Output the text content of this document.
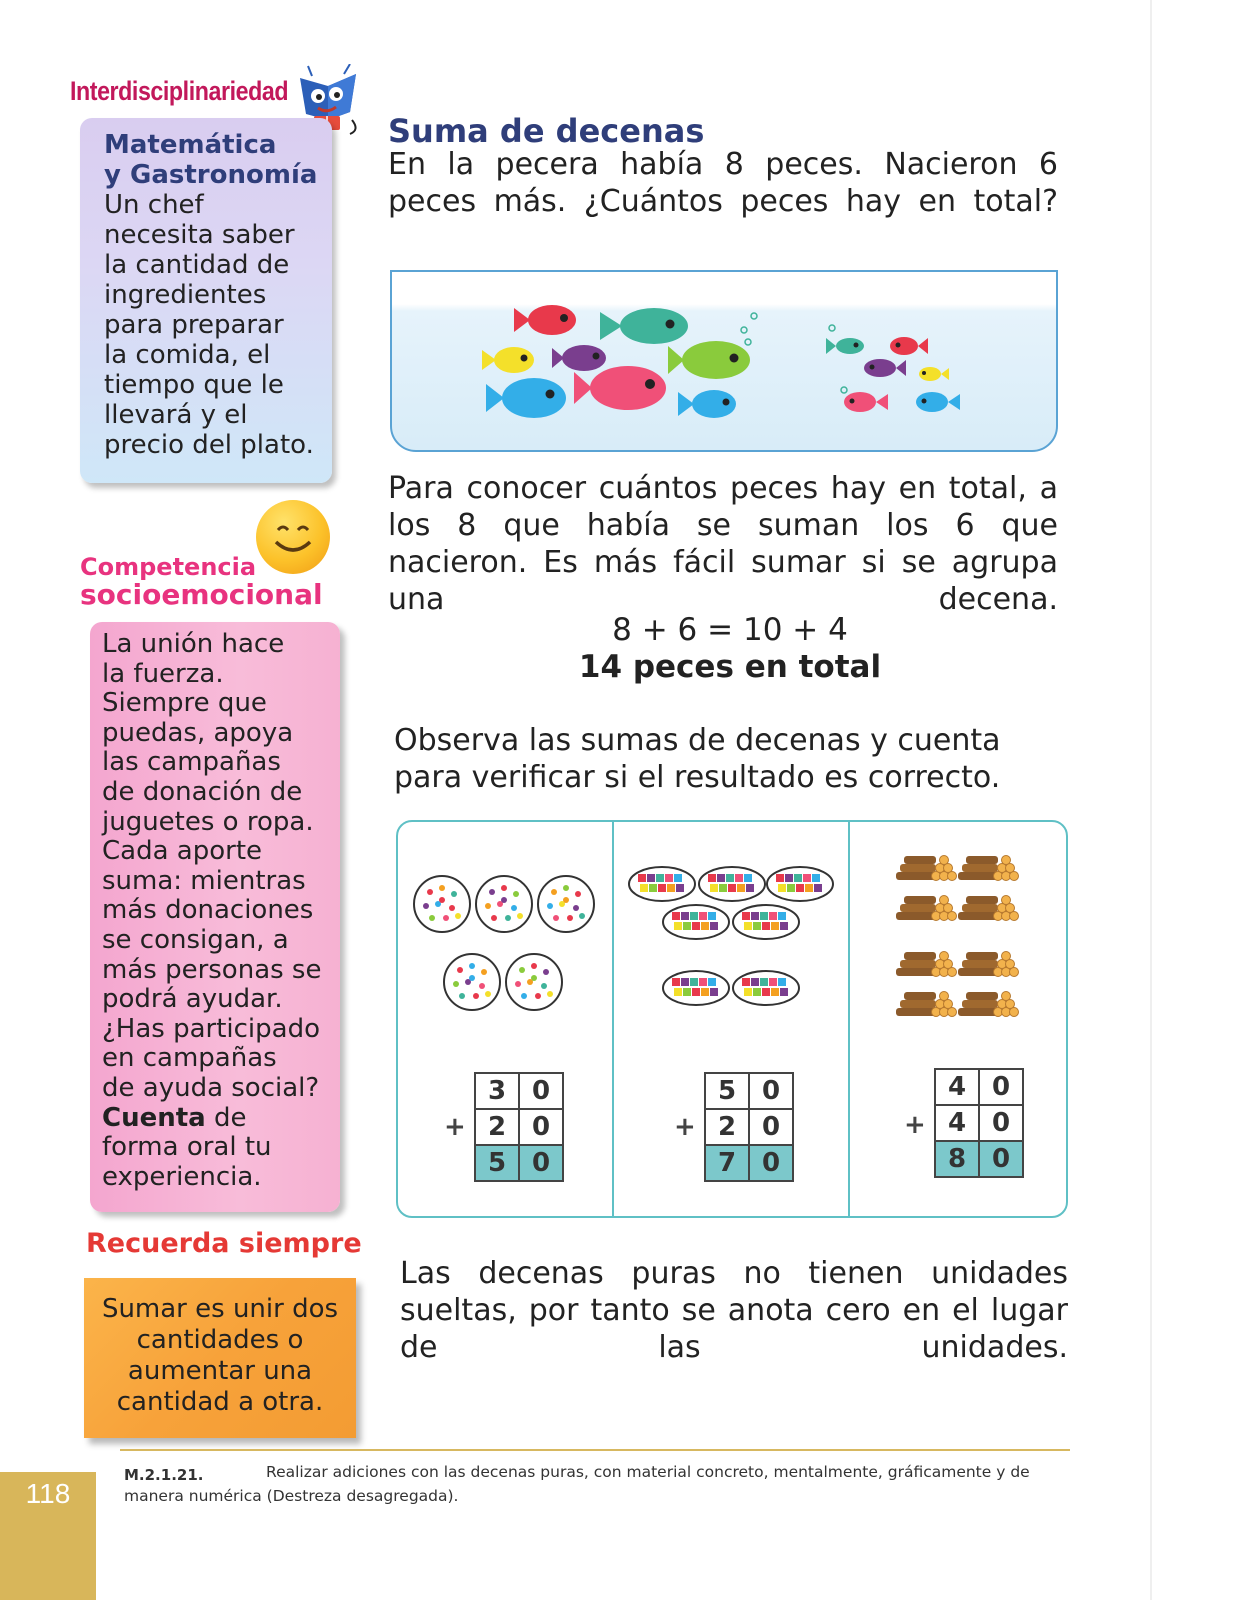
Interdisciplinariedad
Matemática
y Gastronomía
Un chef
necesita saber
la cantidad de
ingredientes
para preparar
la comida, el
tiempo que le
llevará y el
precio del plato.
Competencia
socioemocional
La unión hace
la fuerza.
Siempre que
puedas, apoya
las campañas
de donación de
juguetes o ropa.
Cada aporte
suma: mientras
más donaciones
se consigan, a
más personas se
podrá ayudar.
¿Has participado
en campañas
de ayuda social?
Cuenta de
forma oral tu
experiencia.
Recuerda siempre
Sumar es unir dos
cantidades o
aumentar una
cantidad a otra.
Suma de decenas
En la pecera había 8 peces. Nacieron 6 peces más. ¿Cuántos peces hay en total?
Para conocer cuántos peces hay en total, a los 8 que había se suman los 6 que nacieron. Es más fácil sumar si se agrupa una decena.
8 + 6 = 10 + 4
14 peces en total
Observa las sumas de decenas y cuenta para verificar si el resultado es correcto.
+
3	0
2	0
5	0
+
5	0
2	0
7	0
+
4	0
4	0
8	0
Las decenas puras no tienen unidades sueltas, por tanto se anota cero en el lugar de las unidades.
M.2.1.21.	Realizar adiciones con las decenas puras, con material concreto, mentalmente, gráficamente y de manera numérica (Destreza desagregada).
118
